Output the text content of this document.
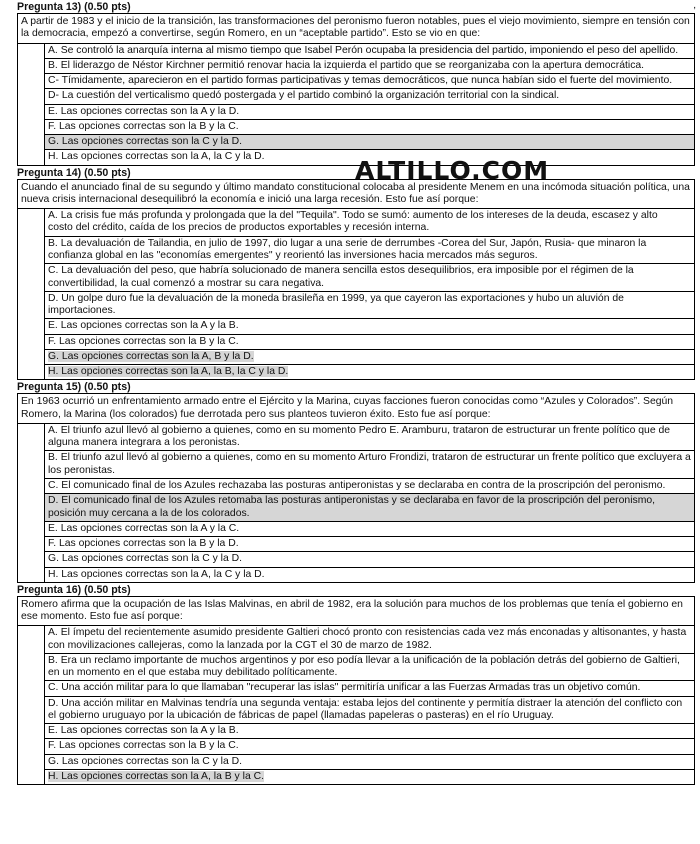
,
Pregunta 13) (0.50 pts)
A partir de 1983 y el inicio de la transición, las transformaciones del peronismo fueron notables, pues el viejo movimiento, siempre en tensión con la democracia, empezó a convertirse, según Romero, en un “aceptable partido”. Esto se vio en que:
A. Se controló la anarquía interna al mismo tiempo que Isabel Perón ocupaba la presidencia del partido, imponiendo el peso del apellido.
B. El liderazgo de Néstor Kirchner permitió renovar hacia la izquierda el partido que se reorganizaba con la apertura democrática.
C- Tímidamente, aparecieron en el partido formas participativas y temas democráticos, que nunca habían sido el fuerte del movimiento.
D- La cuestión del verticalismo quedó postergada y el partido combinó la organización territorial con la sindical.
E. Las opciones correctas son la A y la D.
F. Las opciones correctas son la B y la C.
G. Las opciones correctas son la C y la D.
H. Las opciones correctas son la A, la C y la D.
Pregunta 14) (0.50 pts)
Cuando el anunciado final de su segundo y último mandato constitucional colocaba al presidente Menem en una incómoda situación política, una nueva crisis internacional desequilibró la economía e inició una larga recesión. Esto fue así porque:
A. La crisis fue más profunda y prolongada que la del "Tequila". Todo se sumó: aumento de los intereses de la deuda, escasez y alto
costo del crédito, caída de los precios de productos exportables y recesión interna.
B. La devaluación de Tailandia, en julio de 1997, dio lugar a una serie de derrumbes -Corea del Sur, Japón, Rusia- que minaron la confianza global en las "economías emergentes" y reorientó las inversiones hacia mercados más seguros.
C. La devaluación del peso, que habría solucionado de manera sencilla estos desequilibrios, era imposible por el régimen de la convertibilidad, la cual comenzó a mostrar su cara negativa.
D. Un golpe duro fue la devaluación de la moneda brasileña en 1999, ya que cayeron las exportaciones y hubo un aluvión de importaciones.
E. Las opciones correctas son la A y la B.
F. Las opciones correctas son la B y la C.
G. Las opciones correctas son la A, B y la D.
H. Las opciones correctas son la A, la B, la C y la D.
Pregunta 15) (0.50 pts)
En 1963 ocurrió un enfrentamiento armado entre el Ejército y la Marina, cuyas facciones fueron conocidas como “Azules y Colorados”. Según Romero, la Marina (los colorados) fue derrotada pero sus planteos tuvieron éxito. Esto fue así porque:
A. El triunfo azul llevó al gobierno a quienes, como en su momento Pedro E. Aramburu, trataron de estructurar un frente político que de alguna manera integrara a los peronistas.
B. El triunfo azul llevó al gobierno a quienes, como en su momento Arturo Frondizi, trataron de estructurar un frente político que excluyera a los peronistas.
C. El comunicado final de los Azules rechazaba las posturas antiperonistas y se declaraba en contra de la proscripción del peronismo.
D. El comunicado final de los Azules retomaba las posturas antiperonistas y se declaraba en favor de la proscripción del peronismo, posición muy cercana a la de los colorados.
E. Las opciones correctas son la A y la C.
F. Las opciones correctas son la B y la D.
G. Las opciones correctas son la C y la D.
H. Las opciones correctas son la A, la C y la D.
Pregunta 16) (0.50 pts)
Romero afirma que la ocupación de las Islas Malvinas, en abril de 1982, era la solución para muchos de los problemas que tenía el gobierno en ese momento. Esto fue así porque:
A. El ímpetu del recientemente asumido presidente Galtieri chocó pronto con resistencias cada vez más enconadas y altisonantes, y hasta con movilizaciones callejeras, como la lanzada por la CGT el 30 de marzo de 1982.
B. Era un reclamo importante de muchos argentinos y por eso podía llevar a la unificación de la población detrás del gobierno de Galtieri, en un momento en el que estaba muy debilitado políticamente.
C. Una acción militar para lo que llamaban "recuperar las islas" permitiría unificar a las Fuerzas Armadas tras un objetivo común.
D. Una acción militar en Malvinas tendría una segunda ventaja: estaba lejos del continente y permitía distraer la atención del conflicto con el gobierno uruguayo por la ubicación de fábricas de papel (llamadas papeleras o pasteras) en el río Uruguay.
E. Las opciones correctas son la A y la B.
F. Las opciones correctas son la B y la C.
G. Las opciones correctas son la C y la D.
H. Las opciones correctas son la A, la B y la C.
ALTILLO.COM
